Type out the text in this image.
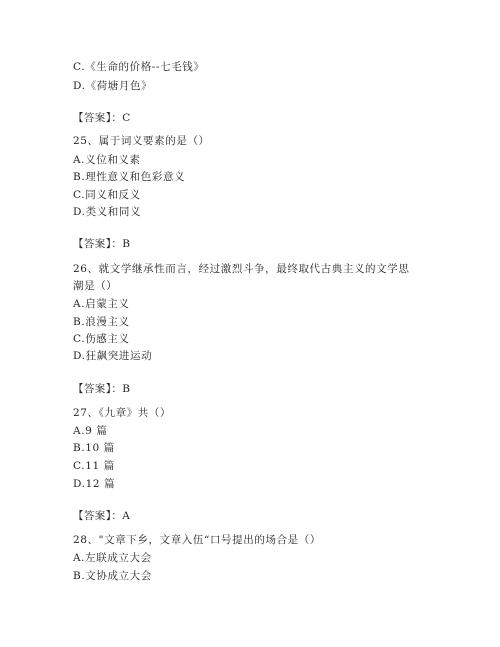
C.《生命的价格--七毛钱》
D.《荷塘月色》
【答案】：C
25、属于词义要素的是（）
A.义位和义素
B.理性意义和色彩意义
C.同义和反义
D.类义和同义
【答案】：B
26、就文学继承性而言，经过激烈斗争，最终取代古典主义的文学思
潮是（）
A.启蒙主义
B.浪漫主义
C.伤感主义
D.狂飙突进运动
【答案】：B
27、《九章》共（）
A.9 篇
B.10 篇
C.11 篇
D.12 篇
【答案】：A
28、"文章下乡，文章入伍“口号提出的场合是（）
A.左联成立大会
B.文协成立大会
